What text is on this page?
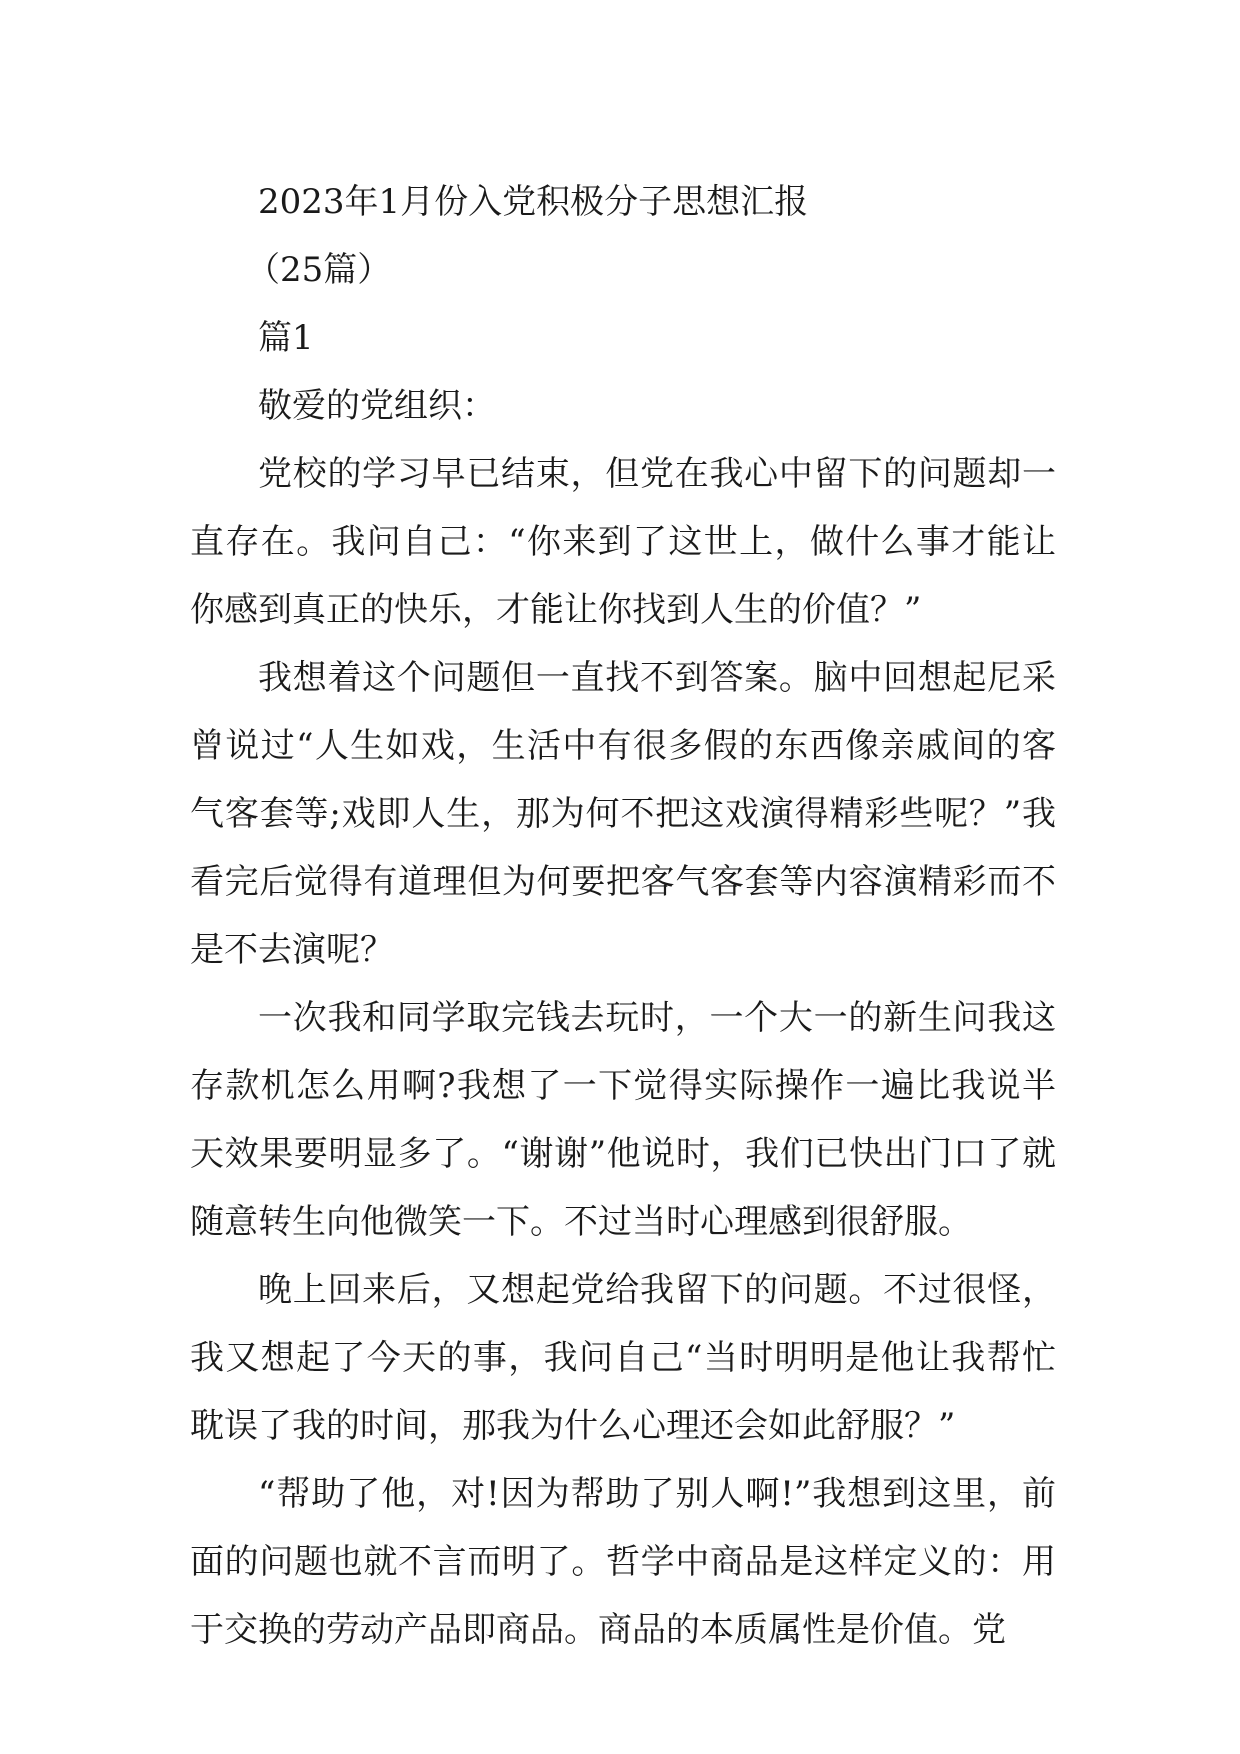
2023年1月份入党积极分子思想汇报

（25篇）

篇1

敬爱的党组织：

党校的学习早已结束，但党在我心中留下的问题却一直存在。我问自己：“你来到了这世上，做什么事才能让你感到真正的快乐，才能让你找到人生的价值？”

我想着这个问题但一直找不到答案。脑中回想起尼采曾说过“人生如戏，生活中有很多假的东西像亲戚间的客气客套等;戏即人生，那为何不把这戏演得精彩些呢？”我看完后觉得有道理但为何要把客气客套等内容演精彩而不是不去演呢？

一次我和同学取完钱去玩时，一个大一的新生问我这存款机怎么用啊?我想了一下觉得实际操作一遍比我说半天效果要明显多了。“谢谢”他说时，我们已快出门口了就随意转生向他微笑一下。不过当时心理感到很舒服。

晚上回来后，又想起党给我留下的问题。不过很怪，我又想起了今天的事，我问自己“当时明明是他让我帮忙耽误了我的时间，那我为什么心理还会如此舒服？”

“帮助了他，对!因为帮助了别人啊!”我想到这里，前面的问题也就不言而明了。哲学中商品是这样定义的：用于交换的劳动产品即商品。商品的本质属性是价值。党
